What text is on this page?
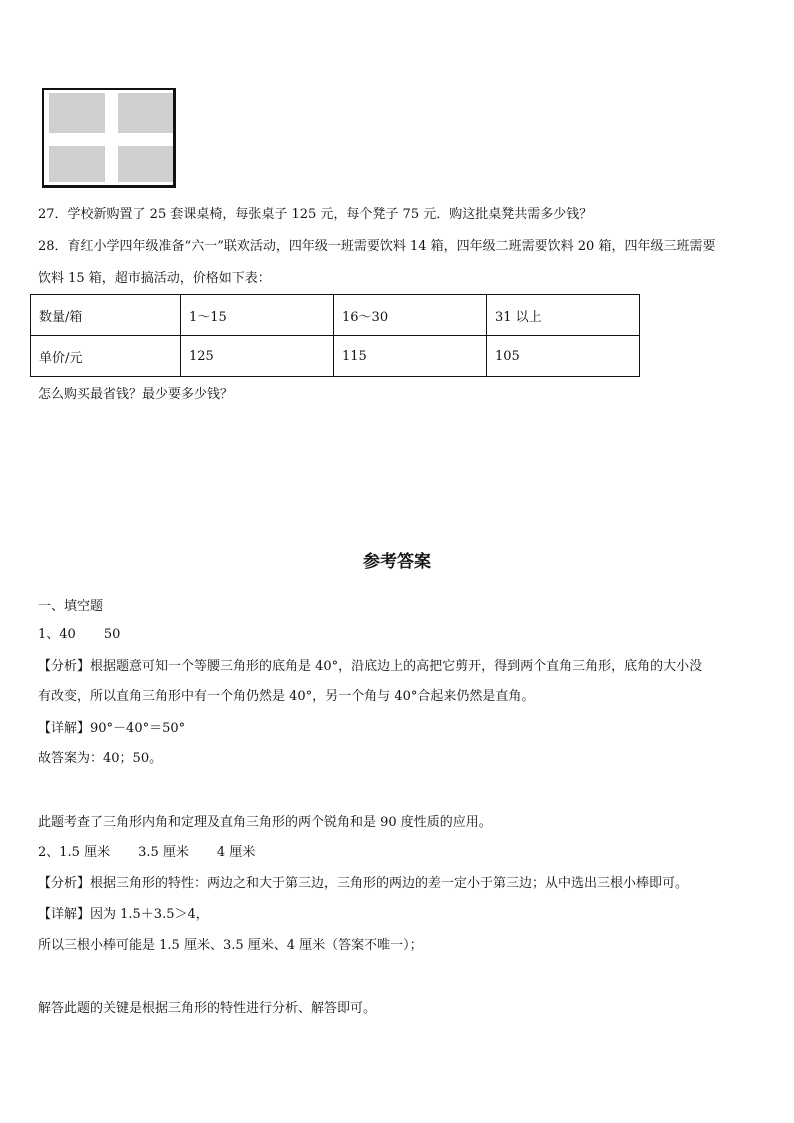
27．学校新购置了 25 套课桌椅，每张桌子 125 元，每个凳子 75 元．购这批桌凳共需多少钱？
28．育红小学四年级准备“六一”联欢活动，四年级一班需要饮料 14 箱，四年级二班需要饮料 20 箱，四年级三班需要
饮料 15 箱，超市搞活动，价格如下表：
数量/箱	1～15	16～30	31 以上
单价/元	125	115	105
怎么购买最省钱？最少要多少钱？
参考答案
一、填空题
1、40 50
【分析】根据题意可知一个等腰三角形的底角是 40°，沿底边上的高把它剪开，得到两个直角三角形，底角的大小没
有改变，所以直角三角形中有一个角仍然是 40°，另一个角与 40°合起来仍然是直角。
【详解】90°－40°＝50°
故答案为：40；50。
此题考查了三角形内角和定理及直角三角形的两个锐角和是 90 度性质的应用。
2、1.5 厘米 3.5 厘米 4 厘米
【分析】根据三角形的特性：两边之和大于第三边，三角形的两边的差一定小于第三边；从中选出三根小棒即可。
【详解】因为 1.5＋3.5＞4，
所以三根小棒可能是 1.5 厘米、3.5 厘米、4 厘米（答案不唯一）；
解答此题的关键是根据三角形的特性进行分析、解答即可。
